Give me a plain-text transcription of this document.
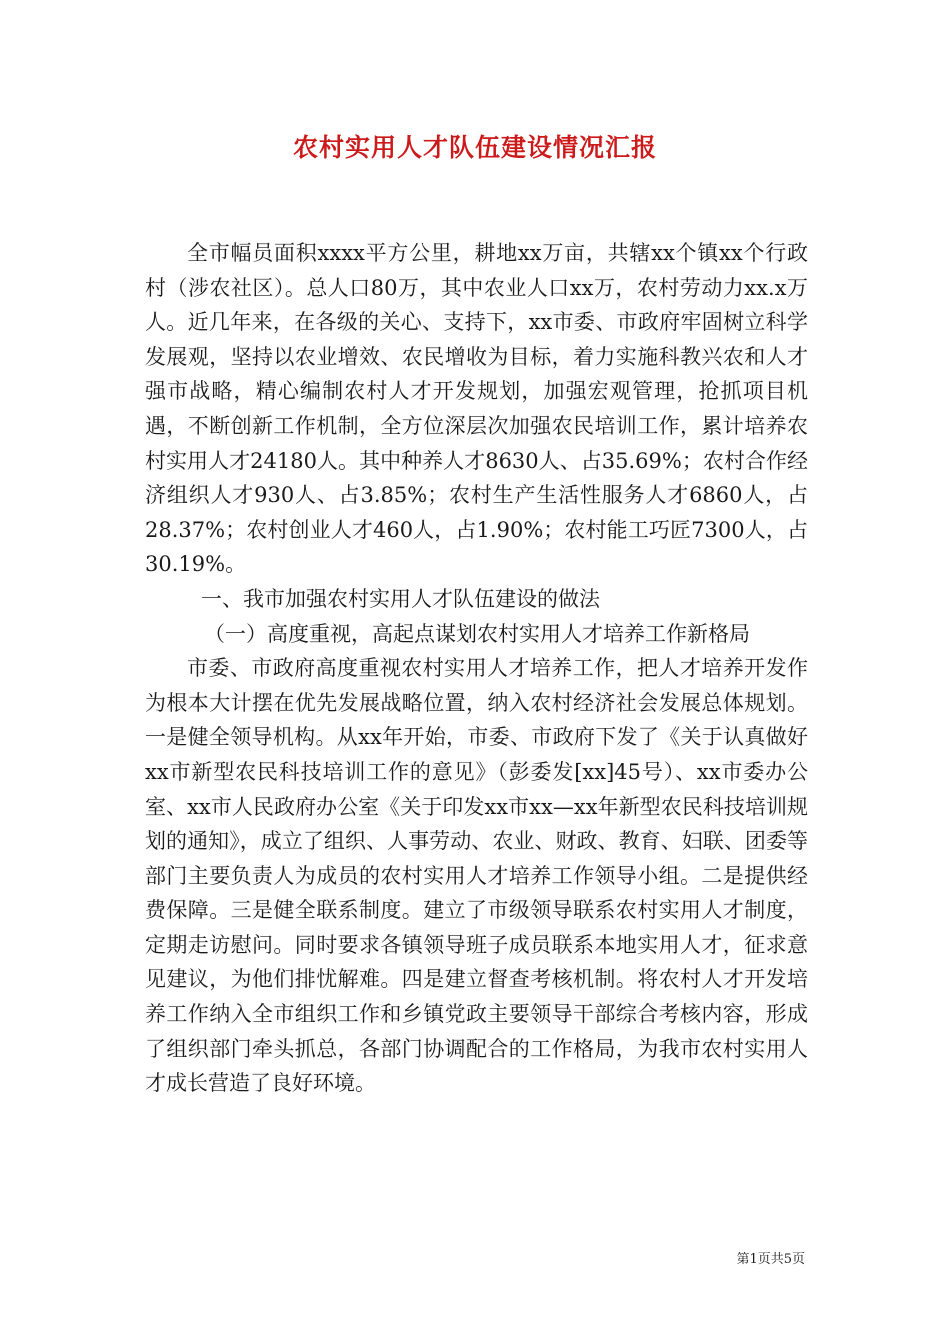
农村实用人才队伍建设情况汇报

全市幅员面积xxxx平方公里，耕地xx万亩，共辖xx个镇xx个行政村（涉农社区）。总人口80万，其中农业人口xx万，农村劳动力xx.x万人。近几年来，在各级的关心、支持下，xx市委、市政府牢固树立科学发展观，坚持以农业增效、农民增收为目标，着力实施科教兴农和人才强市战略，精心编制农村人才开发规划，加强宏观管理，抢抓项目机遇，不断创新工作机制，全方位深层次加强农民培训工作，累计培养农村实用人才24180人。其中种养人才8630人、占35.69%；农村合作经济组织人才930人、占3.85%；农村生产生活性服务人才6860人，占28.37%；农村创业人才460人，占1.90%；农村能工巧匠7300人，占30.19%。

一、我市加强农村实用人才队伍建设的做法

（一）高度重视，高起点谋划农村实用人才培养工作新格局

市委、市政府高度重视农村实用人才培养工作，把人才培养开发作为根本大计摆在优先发展战略位置，纳入农村经济社会发展总体规划。一是健全领导机构。从xx年开始，市委、市政府下发了《关于认真做好xx市新型农民科技培训工作的意见》（彭委发[xx]45号）、xx市委办公室、xx市人民政府办公室《关于印发xx市xx—xx年新型农民科技培训规划的通知》，成立了组织、人事劳动、农业、财政、教育、妇联、团委等部门主要负责人为成员的农村实用人才培养工作领导小组。二是提供经费保障。三是健全联系制度。建立了市级领导联系农村实用人才制度，定期走访慰问。同时要求各镇领导班子成员联系本地实用人才，征求意见建议，为他们排忧解难。四是建立督查考核机制。将农村人才开发培养工作纳入全市组织工作和乡镇党政主要领导干部综合考核内容，形成了组织部门牵头抓总，各部门协调配合的工作格局，为我市农村实用人才成长营造了良好环境。

第1页共5页
